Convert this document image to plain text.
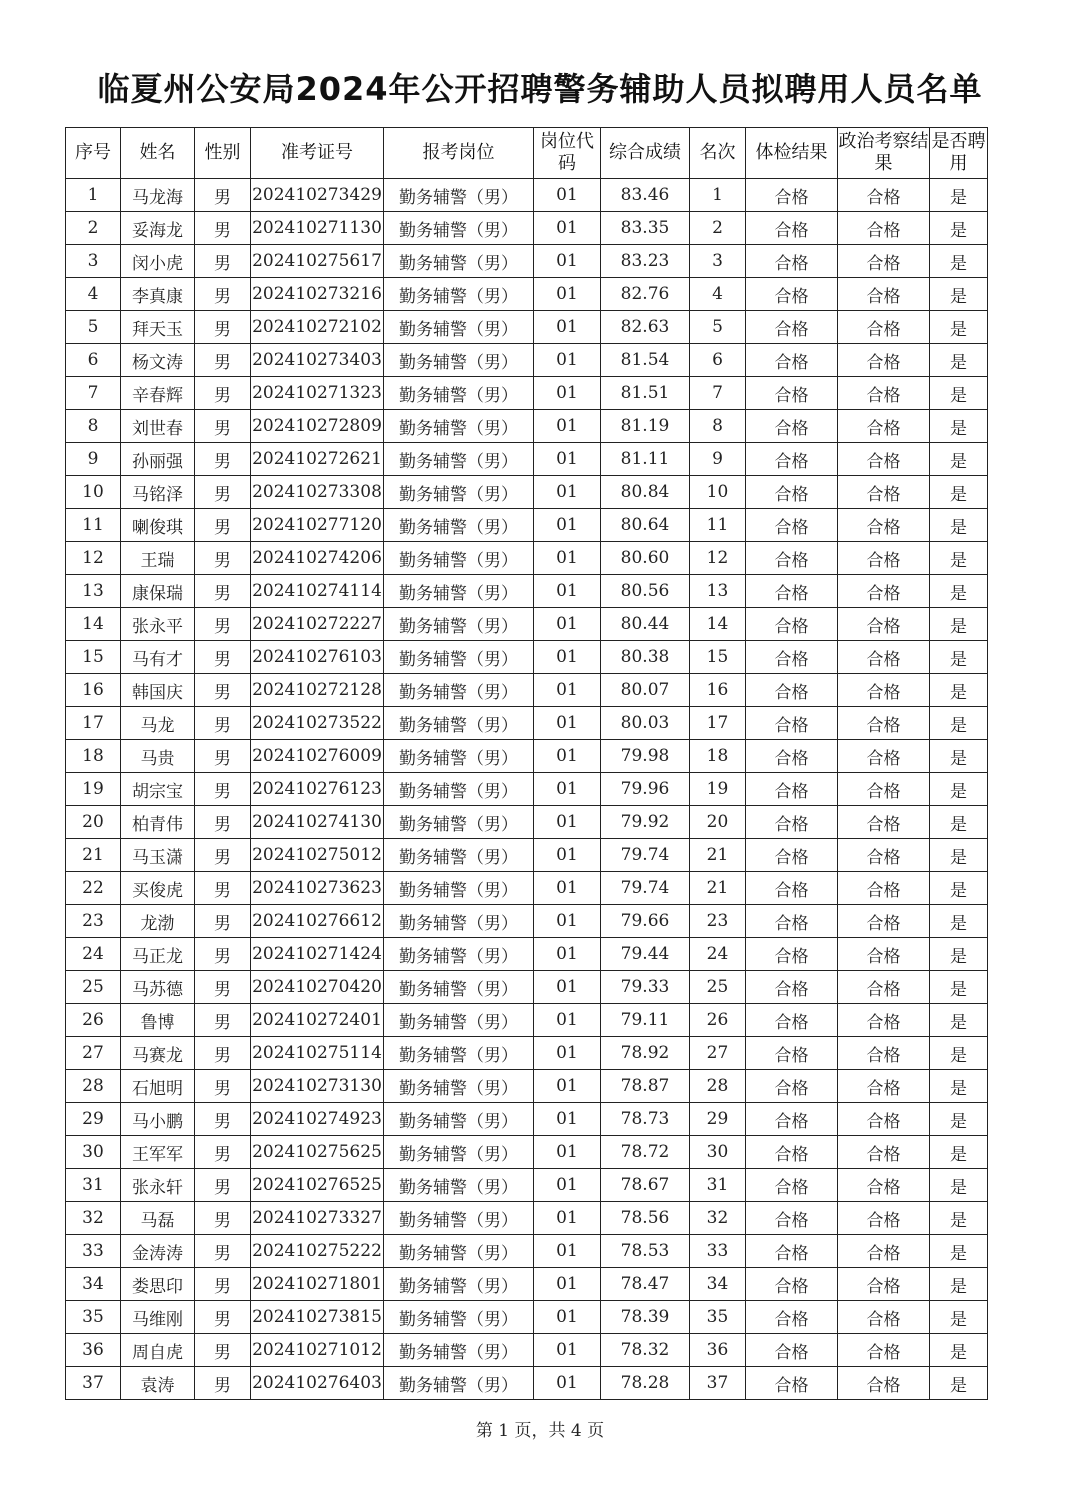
临夏州公安局2024年公开招聘警务辅助人员拟聘用人员名单
序号	姓名	性别	准考证号	报考岗位	岗位代码	综合成绩	名次	体检结果	政治考察结果	是否聘用

1	马龙海	男	202410273429	勤务辅警（男）	01	83.46	1	合格	合格	是
2	妥海龙	男	202410271130	勤务辅警（男）	01	83.35	2	合格	合格	是
3	闵小虎	男	202410275617	勤务辅警（男）	01	83.23	3	合格	合格	是
4	李真康	男	202410273216	勤务辅警（男）	01	82.76	4	合格	合格	是
5	拜天玉	男	202410272102	勤务辅警（男）	01	82.63	5	合格	合格	是
6	杨文涛	男	202410273403	勤务辅警（男）	01	81.54	6	合格	合格	是
7	辛春辉	男	202410271323	勤务辅警（男）	01	81.51	7	合格	合格	是
8	刘世春	男	202410272809	勤务辅警（男）	01	81.19	8	合格	合格	是
9	孙丽强	男	202410272621	勤务辅警（男）	01	81.11	9	合格	合格	是
10	马铭泽	男	202410273308	勤务辅警（男）	01	80.84	10	合格	合格	是
11	喇俊琪	男	202410277120	勤务辅警（男）	01	80.64	11	合格	合格	是
12	王瑞	男	202410274206	勤务辅警（男）	01	80.60	12	合格	合格	是
13	康保瑞	男	202410274114	勤务辅警（男）	01	80.56	13	合格	合格	是
14	张永平	男	202410272227	勤务辅警（男）	01	80.44	14	合格	合格	是
15	马有才	男	202410276103	勤务辅警（男）	01	80.38	15	合格	合格	是
16	韩国庆	男	202410272128	勤务辅警（男）	01	80.07	16	合格	合格	是
17	马龙	男	202410273522	勤务辅警（男）	01	80.03	17	合格	合格	是
18	马贵	男	202410276009	勤务辅警（男）	01	79.98	18	合格	合格	是
19	胡宗宝	男	202410276123	勤务辅警（男）	01	79.96	19	合格	合格	是
20	柏青伟	男	202410274130	勤务辅警（男）	01	79.92	20	合格	合格	是
21	马玉潇	男	202410275012	勤务辅警（男）	01	79.74	21	合格	合格	是
22	买俊虎	男	202410273623	勤务辅警（男）	01	79.74	21	合格	合格	是
23	龙渤	男	202410276612	勤务辅警（男）	01	79.66	23	合格	合格	是
24	马正龙	男	202410271424	勤务辅警（男）	01	79.44	24	合格	合格	是
25	马苏德	男	202410270420	勤务辅警（男）	01	79.33	25	合格	合格	是
26	鲁博	男	202410272401	勤务辅警（男）	01	79.11	26	合格	合格	是
27	马赛龙	男	202410275114	勤务辅警（男）	01	78.92	27	合格	合格	是
28	石旭明	男	202410273130	勤务辅警（男）	01	78.87	28	合格	合格	是
29	马小鹏	男	202410274923	勤务辅警（男）	01	78.73	29	合格	合格	是
30	王军军	男	202410275625	勤务辅警（男）	01	78.72	30	合格	合格	是
31	张永轩	男	202410276525	勤务辅警（男）	01	78.67	31	合格	合格	是
32	马磊	男	202410273327	勤务辅警（男）	01	78.56	32	合格	合格	是
33	金涛涛	男	202410275222	勤务辅警（男）	01	78.53	33	合格	合格	是
34	娄思印	男	202410271801	勤务辅警（男）	01	78.47	34	合格	合格	是
35	马维刚	男	202410273815	勤务辅警（男）	01	78.39	35	合格	合格	是
36	周自虎	男	202410271012	勤务辅警（男）	01	78.32	36	合格	合格	是
37	袁涛	男	202410276403	勤务辅警（男）	01	78.28	37	合格	合格	是
第 1 页，共 4 页
